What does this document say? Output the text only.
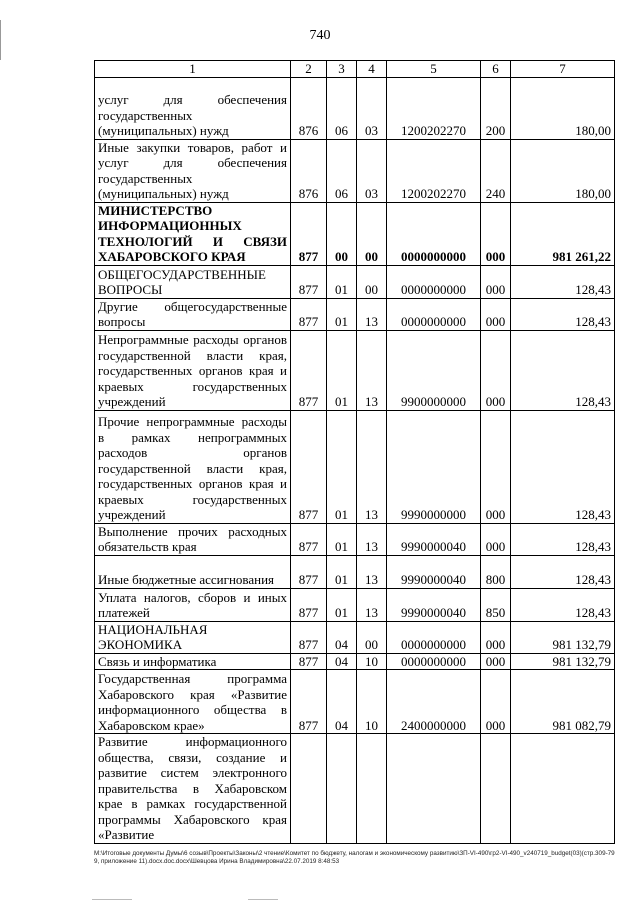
740
1	2	3	4	5	6	7
услуг для обеспечения государственных (муниципальных) нужд	876	06	03	1200202270	200	180,00
Иные закупки товаров, работ и услуг для обеспечения государственных (муниципальных) нужд	876	06	03	1200202270	240	180,00
МИНИСТЕРСТВО ИНФОРМАЦИОННЫХ ТЕХНОЛОГИЙ И СВЯЗИ ХАБАРОВСКОГО КРАЯ	877	00	00	0000000000	000	981 261,22
ОБЩЕГОСУДАРСТВЕННЫЕ ВОПРОСЫ	877	01	00	0000000000	000	128,43
Другие общегосударственные вопросы	877	01	13	0000000000	000	128,43
Непрограммные расходы органов государственной власти края, государственных органов края и краевых государственных учреждений	877	01	13	9900000000	000	128,43
Прочие непрограммные расходы в рамках непрограммных расходов органов государственной власти края, государственных органов края и краевых государственных учреждений	877	01	13	9990000000	000	128,43
Выполнение прочих расходных обязательств края	877	01	13	9990000040	000	128,43
Иные бюджетные ассигнования	877	01	13	9990000040	800	128,43
Уплата налогов, сборов и иных платежей	877	01	13	9990000040	850	128,43
НАЦИОНАЛЬНАЯ ЭКОНОМИКА	877	04	00	0000000000	000	981 132,79
Связь и информатика	877	04	10	0000000000	000	981 132,79
Государственная программа Хабаровского края «Развитие информационного общества в Хабаровском крае»	877	04	10	2400000000	000	981 082,79
Развитие информационного общества, связи, создание и развитие систем электронного правительства в Хабаровском крае в рамках государственной программы Хабаровского края «Развитие						
M:\Итоговые документы Думы\6 созыв\Проекты\Законы\2 чтение\Комитет по бюджету, налогам и экономическому развитию\ЗП-VI-490\гр2-VI-490_v240719_budget(03)(стр.309-799, приложение 11).docx.doc.docx\Шевцова Ирина Владимировна\22.07.2019 8:48:53
